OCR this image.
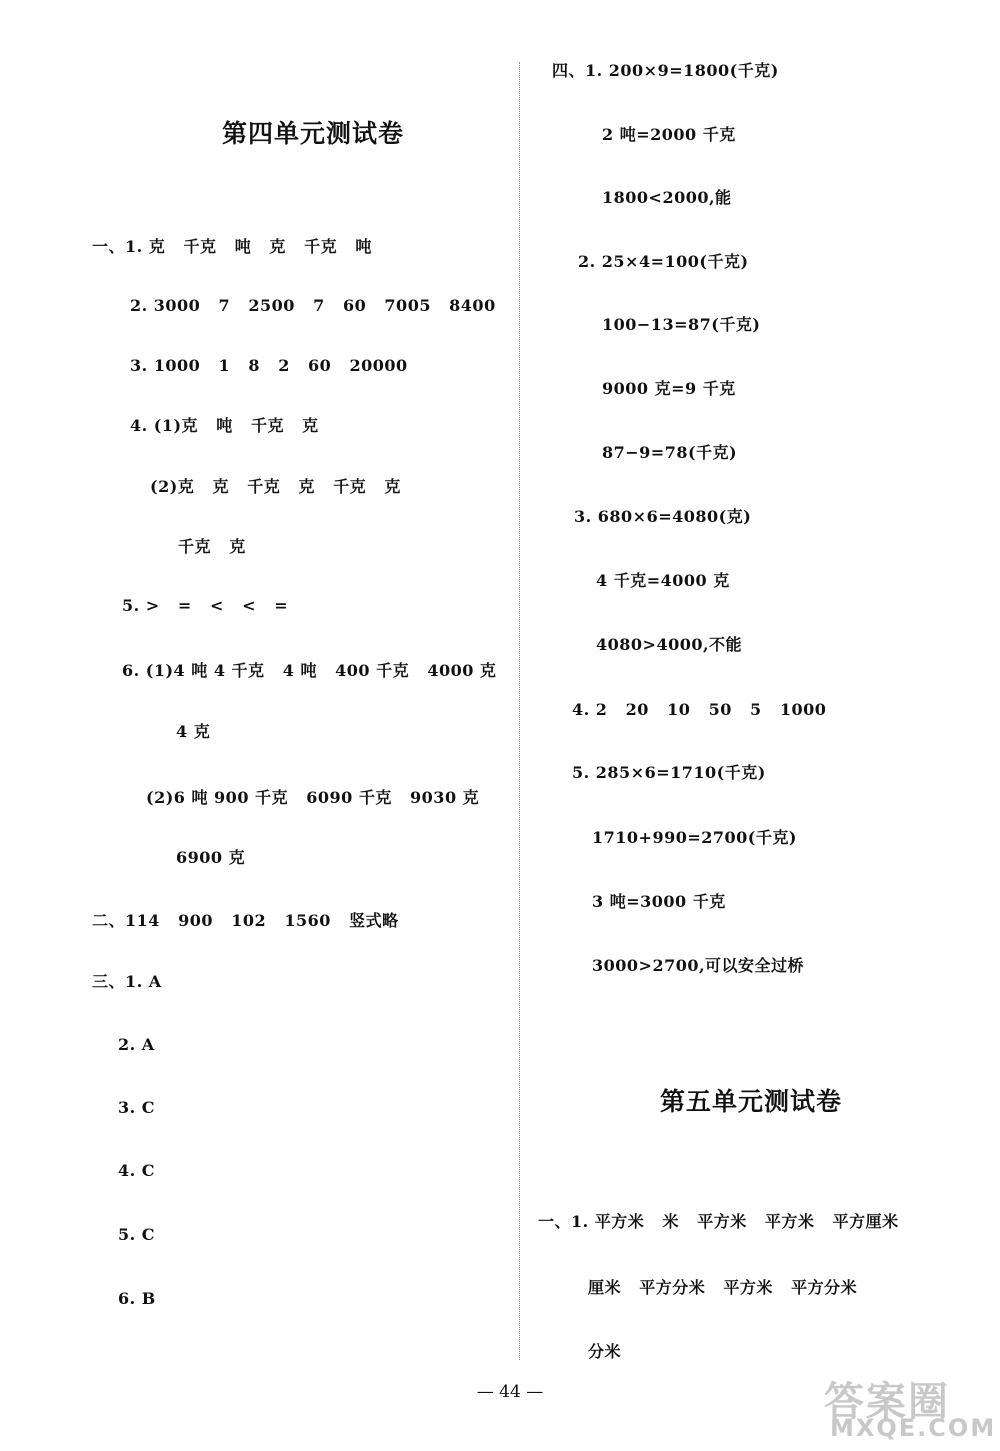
第四单元测试卷
一、1. 克   千克   吨   克   千克   吨
2. 3000   7   2500   7   60   7005   8400
3. 1000   1   8   2   60   20000
4. (1)克   吨   千克   克
(2)克   克   千克   克   千克   克
千克   克
5. >   =   <   <   =
6. (1)4 吨 4 千克   4 吨   400 千克   4000 克
4 克
(2)6 吨 900 千克   6090 千克   9030 克
6900 克
二、114   900   102   1560   竖式略
三、1. A
2. A
3. C
4. C
5. C
6. B
四、1. 200×9=1800(千克)
2 吨=2000 千克
1800<2000,能
2. 25×4=100(千克)
100−13=87(千克)
9000 克=9 千克
87−9=78(千克)
3. 680×6=4080(克)
4 千克=4000 克
4080>4000,不能
4. 2   20   10   50   5   1000
5. 285×6=1710(千克)
1710+990=2700(千克)
3 吨=3000 千克
3000>2700,可以安全过桥
第五单元测试卷
一、1. 平方米   米   平方米   平方米   平方厘米
厘米   平方分米   平方米   平方分米
分米
— 44 —	答案圈
MXQE.COM
